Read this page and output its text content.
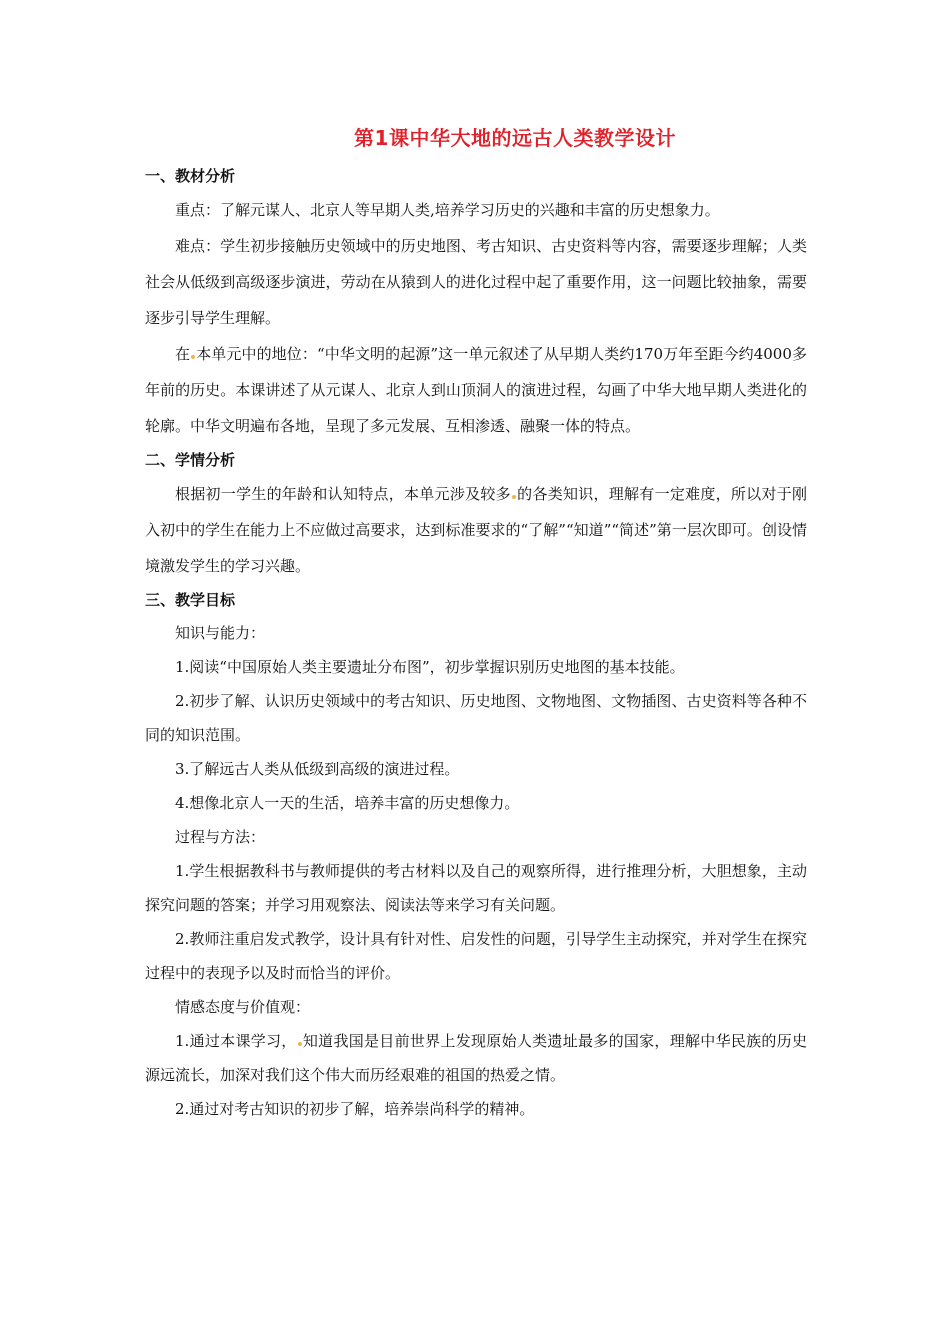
第1课中华大地的远古人类教学设计
一、教材分析

重点：了解元谋人、北京人等早期人类,培养学习历史的兴趣和丰富的历史想象力。

难点：学生初步接触历史领域中的历史地图、考古知识、古史资料等内容，需要逐步理解；人类社会从低级到高级逐步演进，劳动在从猿到人的进化过程中起了重要作用，这一问题比较抽象，需要逐步引导学生理解。

在 本单元中的地位：“中华文明的起源”这一单元叙述了从早期人类约170万年至距今约4000多年前的历史。本课讲述了从元谋人、北京人到山顶洞人的演进过程，勾画了中华大地早期人类进化的轮廓。中华文明遍布各地，呈现了多元发展、互相渗透、融聚一体的特点。

二、学情分析

根据初一学生的年龄和认知特点，本单元涉及较多 的各类知识，理解有一定难度，所以对于刚入初中的学生在能力上不应做过高要求，达到标准要求的“了解”“知道”“简述”第一层次即可。创设情境激发学生的学习兴趣。

三、教学目标

知识与能力：

1.阅读“中国原始人类主要遗址分布图”，初步掌握识别历史地图的基本技能。

2.初步了解、认识历史领域中的考古知识、历史地图、文物地图、文物插图、古史资料等各种不同的知识范围。

3.了解远古人类从低级到高级的演进过程。

4.想像北京人一天的生活，培养丰富的历史想像力。

过程与方法：

1.学生根据教科书与教师提供的考古材料以及自己的观察所得，进行推理分析，大胆想象，主动探究问题的答案；并学习用观察法、阅读法等来学习有关问题。

2.教师注重启发式教学，设计具有针对性、启发性的问题，引导学生主动探究，并对学生在探究过程中的表现予以及时而恰当的评价。

情感态度与价值观：

1.通过本课学习， 知道我国是目前世界上发现原始人类遗址最多的国家，理解中华民族的历史源远流长，加深对我们这个伟大而历经艰难的祖国的热爱之情。

2.通过对考古知识的初步了解，培养崇尚科学的精神。
